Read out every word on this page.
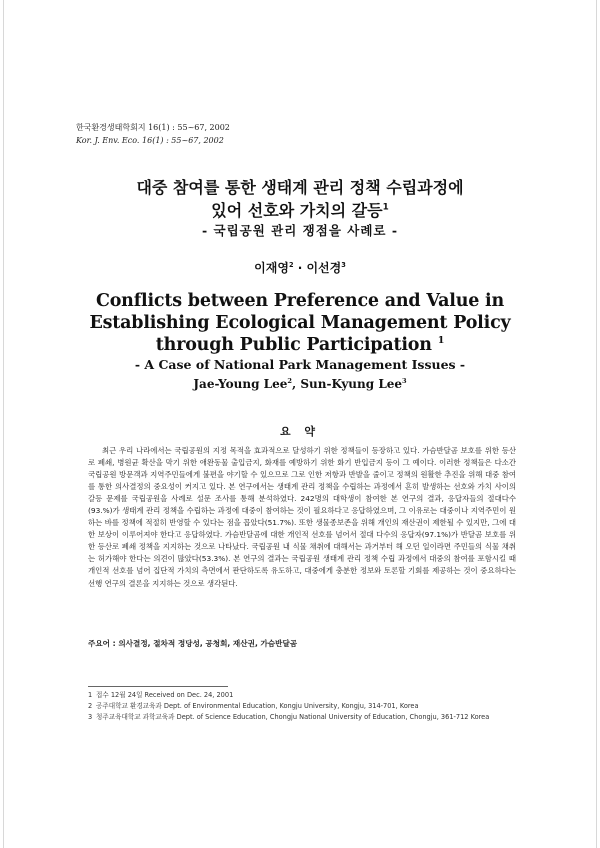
한국환경생태학회지 16(1) : 55~67, 2002
Kor. J. Env. Eco. 16(1) : 55~67, 2002
대중 참여를 통한 생태계 관리 정책 수립과정에
있어 선호와 가치의 갈등$^1$
- 국립공원 관리 쟁점을 사례로 -
이재영$^2$ · 이선경$^3$
Conflicts between Preference and Value in
Establishing Ecological Management Policy
through Public Participation $^1$
- A Case of National Park Management Issues -
Jae-Young Lee$^2$, Sun-Kyung Lee$^3$
요 약

최근 우리 나라에서는 국립공원의 지정 목적을 효과적으로 달성하기 위한 정책들이 등장하고 있다. 가슴반달곰 보호를 위한 등산로 폐쇄, 병원균 확산을 막기 위한 애완동물 출입금지, 화재를 예방하기 위한 화기 반입금지 등이 그 예이다. 이러한 정책들은 다소간 국립공원 방문객과 지역주민들에게 불편을 야기할 수 있으므로 그로 인한 저항과 반발을 줄이고 정책의 원활한 추진을 위해 대중 참여를 통한 의사결정의 중요성이 커지고 있다. 본 연구에서는 생태계 관리 정책을 수립하는 과정에서 흔히 발생하는 선호와 가치 사이의 갈등 문제를 국립공원을 사례로 설문 조사를 통해 분석하였다. 242명의 대학생이 참여한 본 연구의 결과, 응답자들의 절대다수(93.%)가 생태계 관리 정책을 수립하는 과정에 대중이 참여하는 것이 필요하다고 응답하였으며, 그 이유로는 대중이나 지역주민이 원하는 바를 정책에 적절히 반영할 수 있다는 점을 꼽았다(51.7%). 또한 생물종보존을 위해 개인의 재산권이 제한될 수 있지만, 그에 대한 보상이 이루어져야 한다고 응답하였다. 가슴반달곰에 대한 개인적 선호를 넘어서 절대 다수의 응답자(97.1%)가 반달곰 보호를 위한 등산로 폐쇄 정책을 지지하는 것으로 나타났다. 국립공원 내 식물 채취에 대해서는 과거부터 해 오던 일이라면 주민들의 식물 채취는 허가해야 한다는 의견이 많았다(53.3%). 본 연구의 결과는 국립공원 생태계 관리 정책 수립 과정에서 대중의 참여를 포함시킬 때 개인적 선호를 넘어 집단적 가치의 측면에서 판단하도록 유도하고, 대중에게 충분한 정보와 토론할 기회를 제공하는 것이 중요하다는 선행 연구의 결론을 지지하는 것으로 생각된다.

주요어 : 의사결정, 절차적 정당성, 공청회, 재산권, 가슴반달곰
1 접수 12월 24일 Received on Dec. 24, 2001
2 공주대학교 환경교육과 Dept. of Environmental Education, Kongju University, Kongju, 314-701, Korea
3 청주교육대학교 과학교육과 Dept. of Science Education, Chongju National University of Education, Chongju, 361-712 Korea
